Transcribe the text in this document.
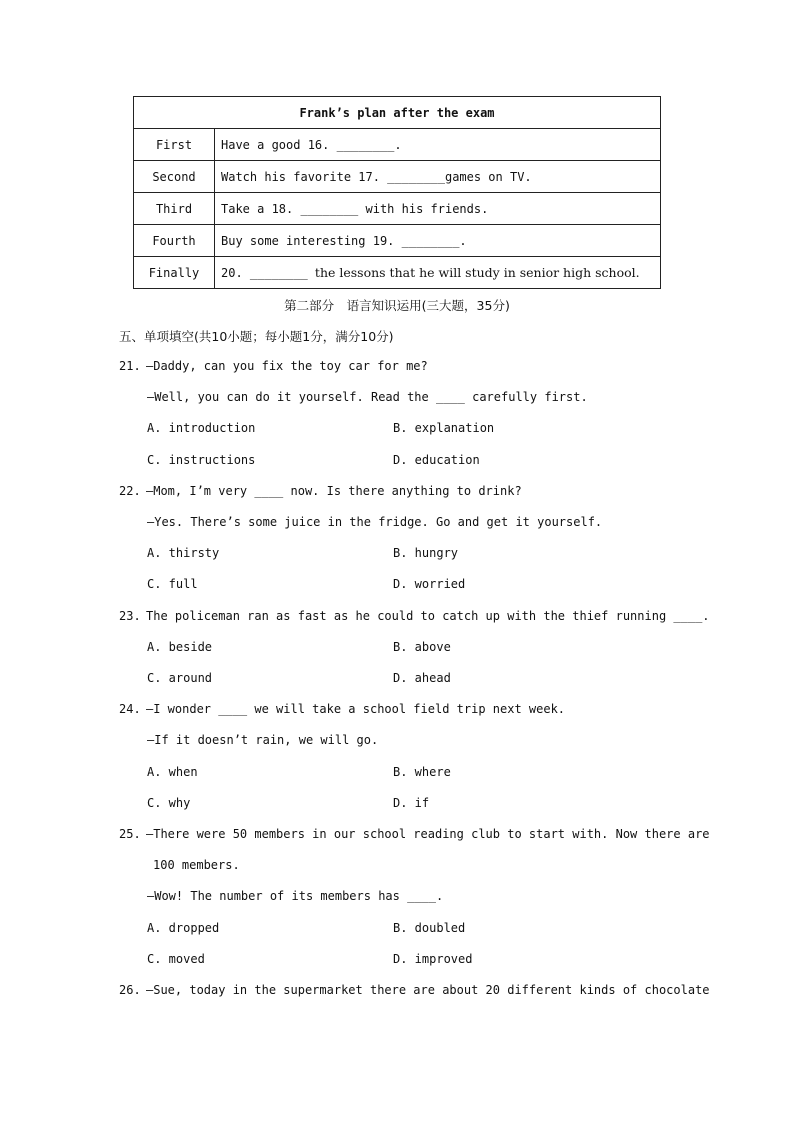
Frank’s plan after the exam	
First	Have a good 16. ________.
Second	Watch his favorite 17. ________games on TV.
Third	Take a 18. ________ with his friends.
Fourth	Buy some interesting 19. ________.
Finally	20. ________ the lessons that he will study in senior high school.
第二部分　语言知识运用(三大题，35分)
五、单项填空(共10小题；每小题1分，满分10分)
21. —Daddy, can you fix the toy car for me?
—Well, you can do it yourself. Read the ____ carefully first.
A. introduction	B. explanation
C. instructions	D. education
22. —Mom, I’m very ____ now. Is there anything to drink?
—Yes. There’s some juice in the fridge. Go and get it yourself.
A. thirsty	B. hungry
C. full	D. worried
23. The policeman ran as fast as he could to catch up with the thief running ____.
A. beside	B. above
C. around	D. ahead
24. —I wonder ____ we will take a school field trip next week.
—If it doesn’t rain, we will go.
A. when	B. where
C. why	D. if
25. —There were 50 members in our school reading club to start with. Now there are
100 members.
—Wow! The number of its members has ____.
A. dropped	B. doubled
C. moved	D. improved
26. —Sue, today in the supermarket there are about 20 different kinds of chocolate
